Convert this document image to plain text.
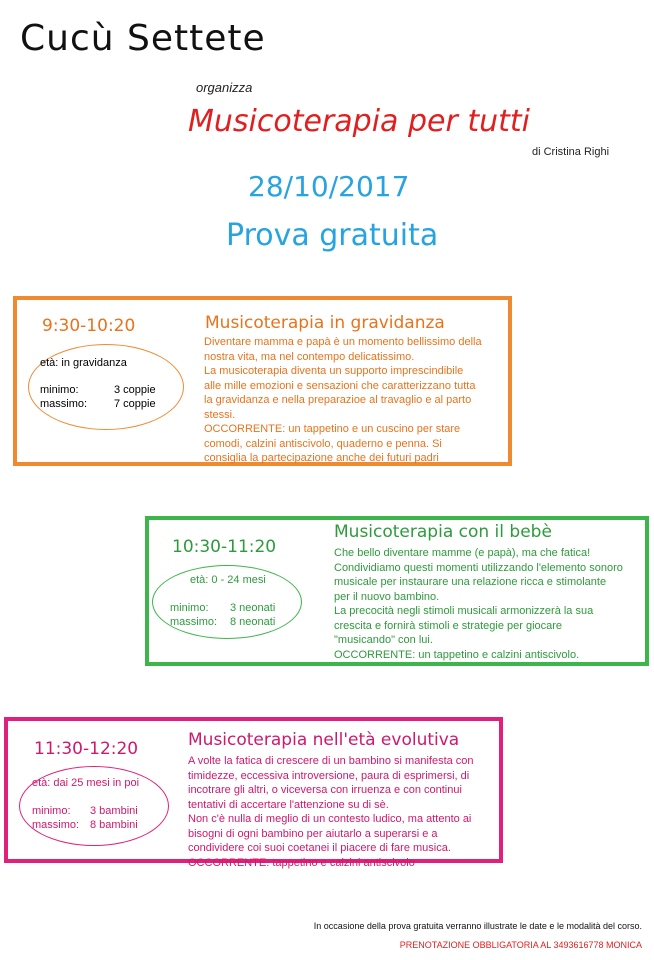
Cucù Settete
organizza
Musicoterapia per tutti
di Cristina Righi
28/10/2017
Prova gratuita
9:30-10:20
età: in gravidanza
minimo:	3 coppie
massimo: 7 coppie
Musicoterapia in gravidanza
Diventare mamma e papà è un momento bellissimo della
nostra vita, ma nel contempo delicatissimo.
La musicoterapia diventa un supporto imprescindibile
alle mille emozioni e sensazioni che caratterizzano tutta
la gravidanza e nella preparazioe al travaglio e al parto
stessi.
OCCORRENTE: un tappetino e un cuscino per stare
comodi, calzini antiscivolo, quaderno e penna. Si
consiglia la partecipazione anche dei futuri padri
10:30-11:20
età: 0 - 24 mesi
minimo: 3 neonati
massimo: 8 neonati
Musicoterapia con il bebè
Che bello diventare mamme (e papà), ma che fatica!
Condividiamo questi momenti utilizzando l'elemento sonoro
musicale per instaurare una relazione ricca e stimolante
per il nuovo bambino.
La precocità negli stimoli musicali armonizzerà la sua
crescita e fornirà stimoli e strategie per giocare
"musicando" con lui.
OCCORRENTE: un tappetino e calzini antiscivolo.
11:30-12:20
età: dai 25 mesi in poi
minimo: 3 bambini
massimo: 8 bambini
Musicoterapia nell'età evolutiva
A volte la fatica di crescere di un bambino si manifesta con
timidezze, eccessiva introversione, paura di esprimersi, di
incotrare gli altri, o viceversa con irruenza e con continui
tentativi di accertare l'attenzione su di sè.
Non c'è nulla di meglio di un contesto ludico, ma attento ai
bisogni di ogni bambino per aiutarlo a superarsi e a
condividere coi suoi coetanei il piacere di fare musica.
OCCORRENTE: tappetino e calzini antiscivolo
In occasione della prova gratuita verranno illustrate le date e le modalità del corso.
PRENOTAZIONE OBBLIGATORIA AL 3493616778 MONICA
